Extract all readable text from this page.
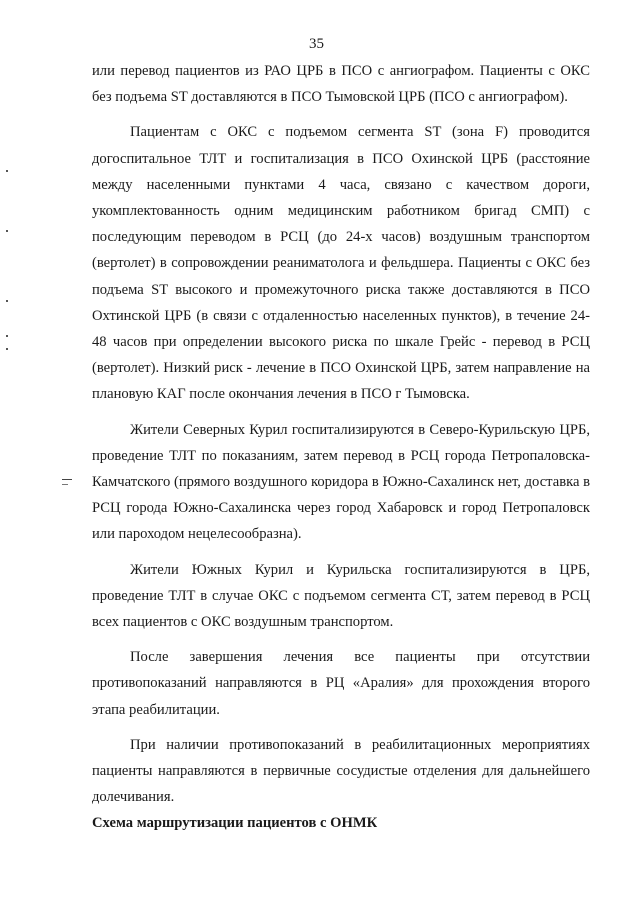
35

или перевод пациентов из РАО ЦРБ в ПСО с ангиографом. Пациенты с ОКС без подъема ST доставляются в ПСО Тымовской ЦРБ (ПСО с ангиографом).

Пациентам с ОКС с подъемом сегмента ST (зона F) проводится догоспитальное ТЛТ и госпитализация в ПСО Охинской ЦРБ (расстояние между населенными пунктами 4 часа, связано с качеством дороги, укомплектованность одним медицинским работником бригад СМП) с последующим переводом в РСЦ (до 24-х часов) воздушным транспортом (вертолет) в сопровождении реаниматолога и фельдшера. Пациенты с ОКС без подъема ST высокого и промежуточного риска также доставляются в ПСО Охтинской ЦРБ (в связи с отдаленностью населенных пунктов), в течение 24-48 часов при определении высокого риска по шкале Грейс - перевод в РСЦ (вертолет). Низкий риск - лечение в ПСО Охинской ЦРБ, затем направление на плановую КАГ после окончания лечения в ПСО г Тымовска.

Жители Северных Курил госпитализируются в Северо-Курильскую ЦРБ, проведение ТЛТ по показаниям, затем перевод в РСЦ города Петропаловска-Камчатского (прямого воздушного коридора в Южно-Сахалинск нет, доставка в РСЦ города Южно-Сахалинска через город Хабаровск и город Петропаловск или пароходом нецелесообразна).

Жители Южных Курил и Курильска госпитализируются в ЦРБ, проведение ТЛТ в случае ОКС с подъемом сегмента СТ, затем перевод в РСЦ всех пациентов с ОКС воздушным транспортом.

После завершения лечения все пациенты при отсутствии противопоказаний направляются в РЦ «Аралия» для прохождения второго этапа реабилитации.

При наличии противопоказаний в реабилитационных мероприятиях пациенты направляются в первичные сосудистые отделения для дальнейшего долечивания.

Схема маршрутизации пациентов с ОНМК
